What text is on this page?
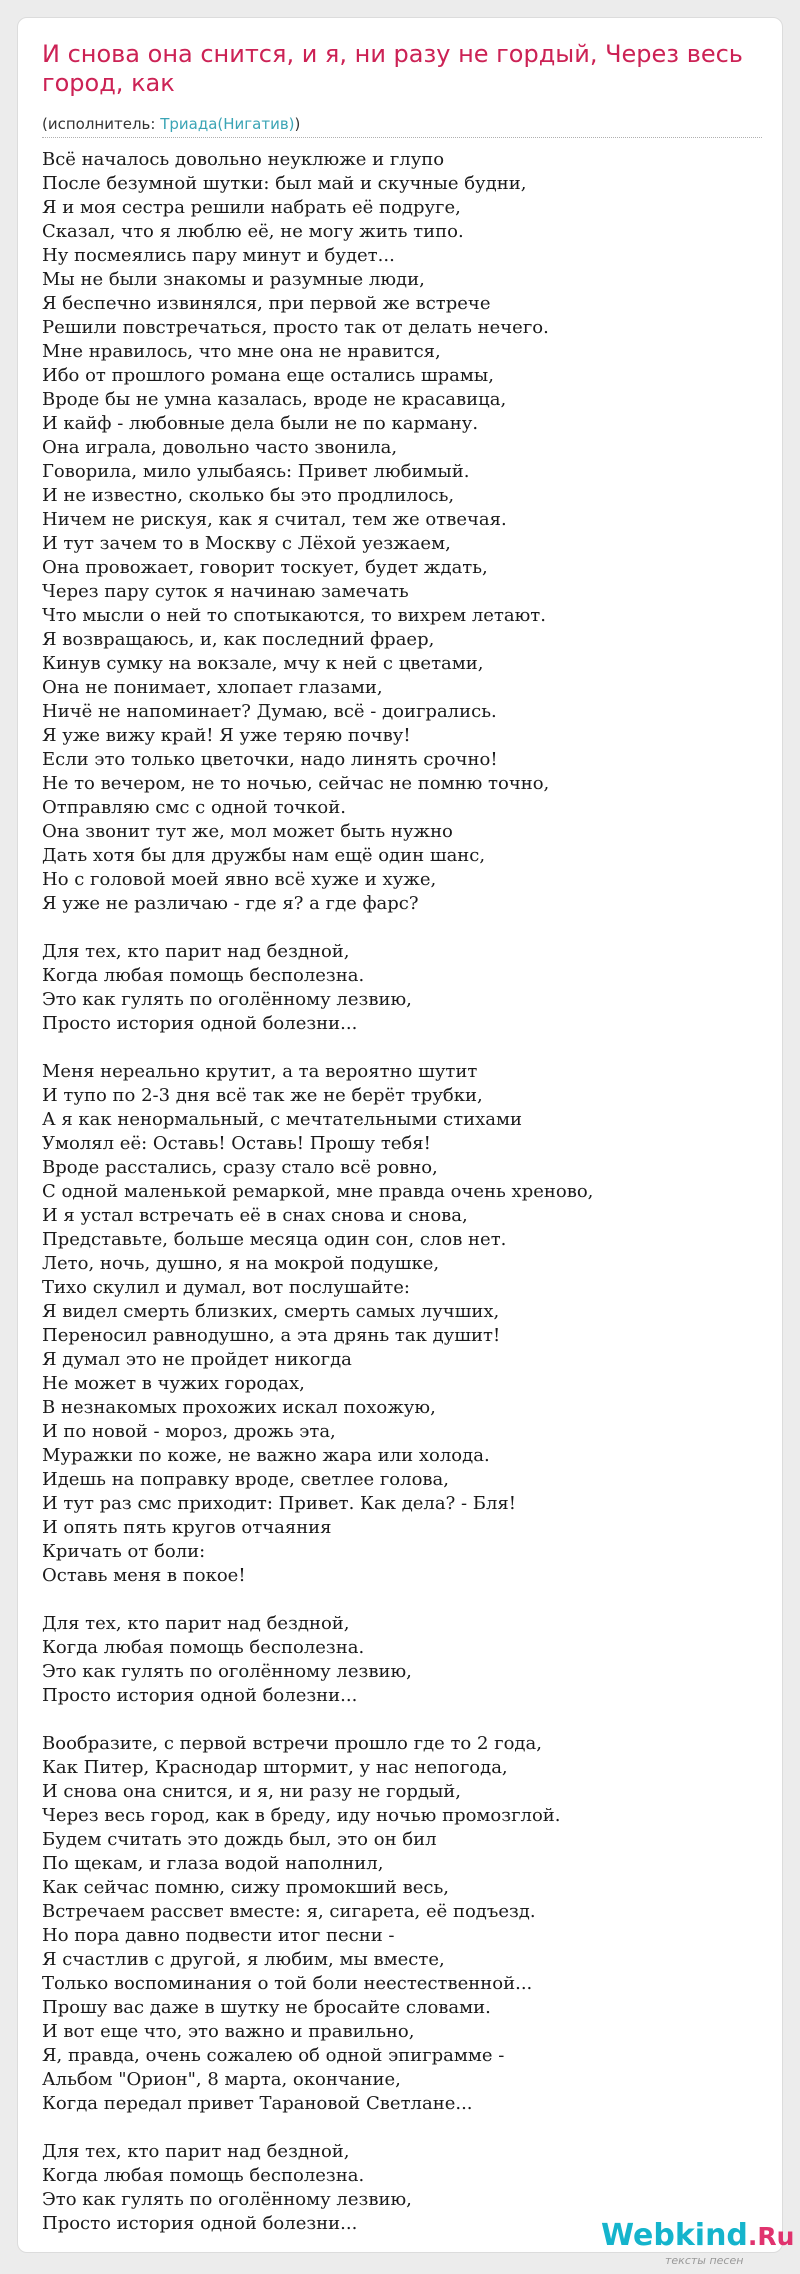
И снова она снится, и я, ни разу не гордый, Через весь город, как
(исполнитель: Триада(Нигатив))
Всё началось довольно неуклюже и глупо
После безумной шутки: был май и скучные будни,
Я и моя сестра решили набрать её подруге,
Сказал, что я люблю её, не могу жить типо.
Ну посмеялись пару минут и будет...
Мы не были знакомы и разумные люди,
Я беспечно извинялся, при первой же встрече
Решили повстречаться, просто так от делать нечего.
Мне нравилось, что мне она не нравится,
Ибо от прошлого романа еще остались шрамы,
Вроде бы не умна казалась, вроде не красавица,
И кайф - любовные дела были не по карману.
Она играла, довольно часто звонила,
Говорила, мило улыбаясь: Привет любимый.
И не известно, сколько бы это продлилось,
Ничем не рискуя, как я считал, тем же отвечая.
И тут зачем то в Москву с Лёхой уезжаем,
Она провожает, говорит тоскует, будет ждать,
Через пару суток я начинаю замечать
Что мысли о ней то спотыкаются, то вихрем летают.
Я возвращаюсь, и, как последний фраер,
Кинув сумку на вокзале, мчу к ней с цветами,
Она не понимает, хлопает глазами,
Ничё не напоминает? Думаю, всё - доигрались.
Я уже вижу край! Я уже теряю почву!
Если это только цветочки, надо линять срочно!
Не то вечером, не то ночью, сейчас не помню точно,
Отправляю смс с одной точкой.
Она звонит тут же, мол может быть нужно
Дать хотя бы для дружбы нам ещё один шанс,
Но с головой моей явно всё хуже и хуже,
Я уже не различаю - где я? а где фарс?
Для тех, кто парит над бездной,
Когда любая помощь бесполезна.
Это как гулять по оголённому лезвию,
Просто история одной болезни...
Меня нереально крутит, а та вероятно шутит
И тупо по 2-3 дня всё так же не берёт трубки,
А я как ненормальный, с мечтательными стихами
Умолял её: Оставь! Оставь! Прошу тебя!
Вроде расстались, сразу стало всё ровно,
С одной маленькой ремаркой, мне правда очень хреново,
И я устал встречать её в снах снова и снова,
Представьте, больше месяца один сон, слов нет.
Лето, ночь, душно, я на мокрой подушке,
Тихо скулил и думал, вот послушайте:
Я видел смерть близких, смерть самых лучших,
Переносил равнодушно, а эта дрянь так душит!
Я думал это не пройдет никогда
Не может в чужих городах,
В незнакомых прохожих искал похожую,
И по новой - мороз, дрожь эта,
Муражки по коже, не важно жара или холода.
Идешь на поправку вроде, светлее голова,
И тут раз смс приходит: Привет. Как дела? - Бля!
И опять пять кругов отчаяния
Кричать от боли:
Оставь меня в покое!
Для тех, кто парит над бездной,
Когда любая помощь бесполезна.
Это как гулять по оголённому лезвию,
Просто история одной болезни...
Вообразите, с первой встречи прошло где то 2 года,
Как Питер, Краснодар штормит, у нас непогода,
И снова она снится, и я, ни разу не гордый,
Через весь город, как в бреду, иду ночью промозглой.
Будем считать это дождь был, это он бил
По щекам, и глаза водой наполнил,
Как сейчас помню, сижу промокший весь,
Встречаем рассвет вместе: я, сигарета, её подъезд.
Но пора давно подвести итог песни -
Я счастлив с другой, я любим, мы вместе,
Только воспоминания о той боли неестественной...
Прошу вас даже в шутку не бросайте словами.
И вот еще что, это важно и правильно,
Я, правда, очень сожалею об одной эпиграмме -
Альбом "Орион", 8 марта, окончание,
Когда передал привет Тарановой Светлане...
Для тех, кто парит над бездной,
Когда любая помощь бесполезна.
Это как гулять по оголённому лезвию,
Просто история одной болезни...	Webkind.Ru
тексты песен
